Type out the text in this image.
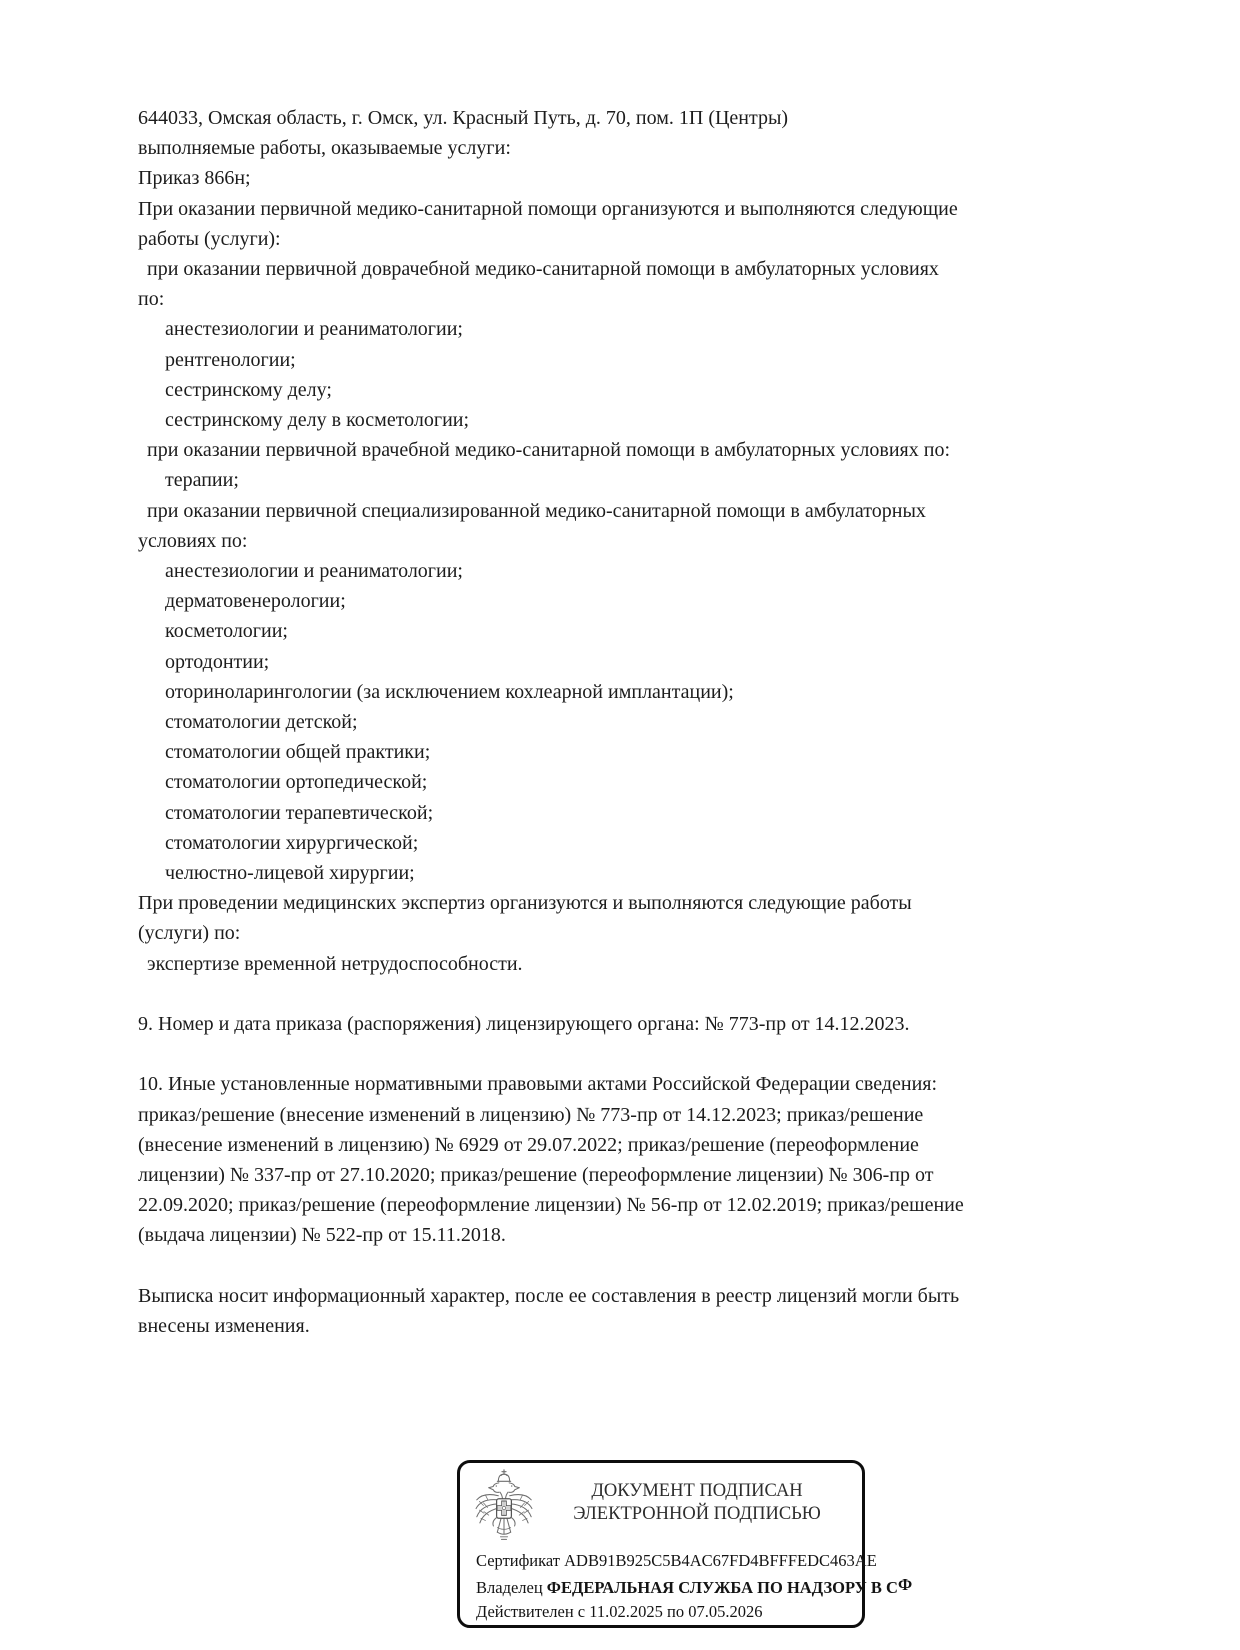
644033, Омская область, г. Омск, ул. Красный Путь, д. 70, пом. 1П (Центры)
выполняемые работы, оказываемые услуги:
Приказ 866н;
При оказании первичной медико-санитарной помощи организуются и выполняются следующие
работы (услуги):
при оказании первичной доврачебной медико-санитарной помощи в амбулаторных условиях
по:
анестезиологии и реаниматологии;
рентгенологии;
сестринскому делу;
сестринскому делу в косметологии;
при оказании первичной врачебной медико-санитарной помощи в амбулаторных условиях по:
терапии;
при оказании первичной специализированной медико-санитарной помощи в амбулаторных
условиях по:
анестезиологии и реаниматологии;
дерматовенерологии;
косметологии;
ортодонтии;
оториноларингологии (за исключением кохлеарной имплантации);
стоматологии детской;
стоматологии общей практики;
стоматологии ортопедической;
стоматологии терапевтической;
стоматологии хирургической;
челюстно-лицевой хирургии;
При проведении медицинских экспертиз организуются и выполняются следующие работы
(услуги) по:
экспертизе временной нетрудоспособности.
9. Номер и дата приказа (распоряжения) лицензирующего органа: № 773-пр от 14.12.2023.
10. Иные установленные нормативными правовыми актами Российской Федерации сведения:
приказ/решение (внесение изменений в лицензию) № 773-пр от 14.12.2023; приказ/решение
(внесение изменений в лицензию) № 6929 от 29.07.2022; приказ/решение (переоформление
лицензии) № 337-пр от 27.10.2020; приказ/решение (переоформление лицензии) № 306-пр от
22.09.2020; приказ/решение (переоформление лицензии) № 56-пр от 12.02.2019; приказ/решение
(выдача лицензии) № 522-пр от 15.11.2018.
Выписка носит информационный характер, после ее составления в реестр лицензий могли быть
внесены изменения.
ДОКУМЕНТ ПОДПИСАН
ЭЛЕКТРОННОЙ ПОДПИСЬЮ
Сертификат ADB91B925C5B4AC67FD4BFFFEDC463AE
Владелец ФЕДЕРАЛЬНАЯ СЛУЖБА ПО НАДЗОРУ В СФ
Действителен с 11.02.2025 по 07.05.2026
